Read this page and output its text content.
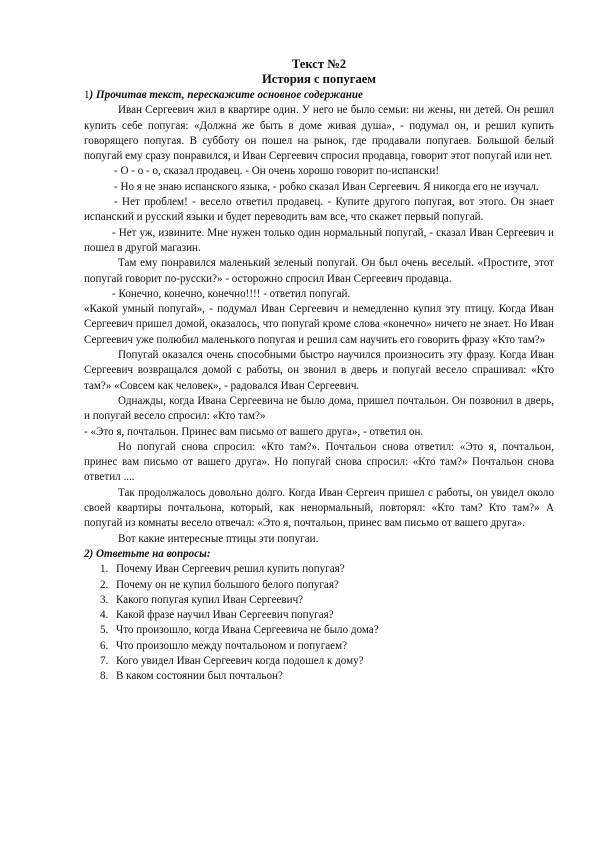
Текст №2

История с попугаем

1) Прочитав текст, перескажите основное содержание

Иван Сергеевич жил в квартире один. У него не было семьи: ни жены, ни детей. Он решил купить себе попугая: «Должна же быть в доме живая душа», - подумал он, и решил купить говорящего попугая. В субботу он пошел на рынок, где продавали попугаев. Большой белый попугай ему сразу понравился, и Иван Сергеевич спросил продавца, говорит этот попугай или нет.

- О - о - о, сказал продавец. - Он очень хорошо говорит по-испански!

- Но я не знаю испанского языка, - робко сказал Иван Сергеевич. Я никогда его не изучал.

- Нет проблем! - весело ответил продавец. - Купите другого попугая, вот этого. Он знает испанский и русский языки и будет переводить вам все, что скажет первый попугай.

- Нет уж, извините. Мне нужен только один нормальный попугай, - сказал Иван Сергеевич и пошел в другой магазин.

Там ему понравился маленький зеленый попугай. Он был очень веселый. «Простите, этот попугай говорит по-русски?» - осторожно спросил Иван Сергеевич продавца.

- Конечно, конечно, конечно!!!! - ответил попугай.

«Какой умный попугай», - подумал Иван Сергеевич и немедленно купил эту птицу. Когда Иван Сергеевич пришел домой, оказалось, что попугай кроме слова «конечно» ничего не знает. Но Иван Сергеевич уже полюбил маленького попугая и решил сам научить его говорить фразу «Кто там?»

Попугай оказался очень способными быстро научился произносить эту фразу. Когда Иван Сергеевич возвращался домой с работы, он звонил в дверь и попугай весело спрашивал: «Кто там?» «Совсем как человек», - радовался Иван Сергеевич.

Однажды, когда Ивана Сергеевича не было дома, пришел почтальон. Он позвонил в дверь, и попугай весело спросил: «Кто там?»

- «Это я, почтальон. Принес вам письмо от вашего друга», - ответил он.

Но попугай снова спросил: «Кто там?». Почтальон снова ответил: «Это я, почтальон, принес вам письмо от вашего друга». Но попугай снова спросил: «Кто там?» Почтальон снова ответил ....

Так продолжалось довольно долго. Когда Иван Сергеич пришел с работы, он увидел около своей квартиры почтальона, который, как ненормальный, повторял: «Кто там? Кто там?» А попугай из комнаты весело отвечал: «Это я, почтальон, принес вам письмо от вашего друга».

Вот какие интересные птицы эти попугаи.

2) Ответьте на вопросы:

1. Почему Иван Сергеевич решил купить попугая?
2. Почему он не купил большого белого попугая?
3. Какого попугая купил Иван Сергеевич?
4. Какой фразе научил Иван Сергеевич попугая?
5. Что произошло, когда Ивана Сергеевича не было дома?
6. Что произошло между почтальоном и попугаем?
7. Кого увидел Иван Сергеевич когда подошел к дому?
8. В каком состоянии был почтальон?
